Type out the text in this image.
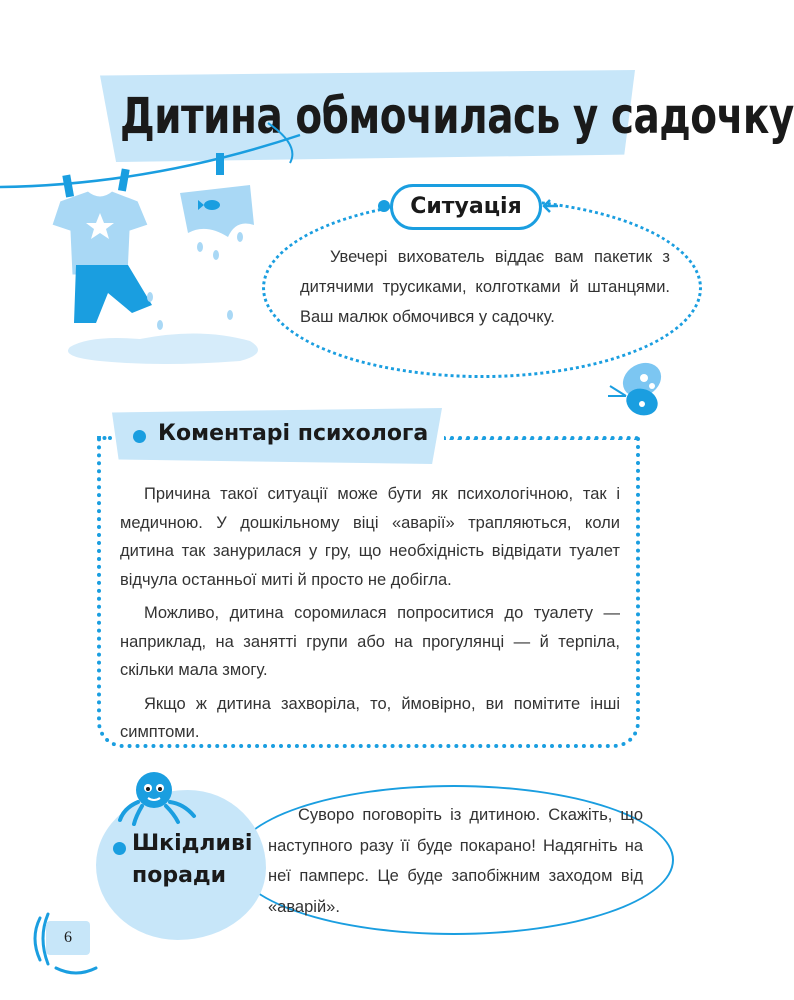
Дитина обмочилась у садочку
Ситуація

Увечері вихователь віддає вам пакетик з дитячими трусиками, колготками й штанцями. Ваш малюк обмочився у садочку.

Коментарі психолога

Причина такої ситуації може бути як психологічною, так і медичною. У дошкільному віці «аварії» трапляються, коли дитина так занурилася у гру, що необхідність відвідати туалет відчула останньої миті й просто не добігла.

Можливо, дитина соромилася попроситися до туалету — наприклад, на занятті групи або на прогулянці — й терпіла, скільки мала змогу.

Якщо ж дитина захворіла, то, ймовірно, ви помітите інші симптоми.

Суворо поговоріть із дитиною. Скажіть, що наступного разу її буде покарано! Надягніть на неї памперс. Це буде запобіжним заходом від «аварій».

Шкідливі
поради
6
